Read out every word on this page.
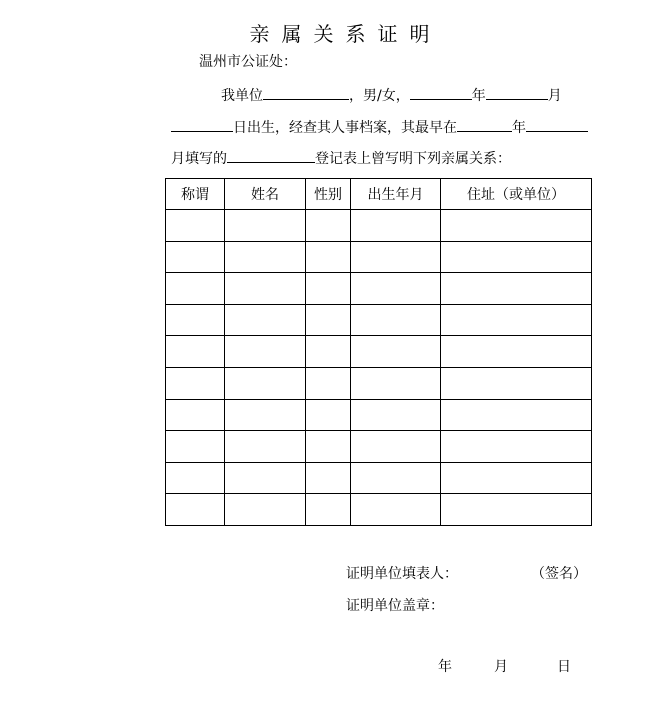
亲属关系证明
温州市公证处：
我单位	，男/女，	年	月
日出生，经查其人事档案，其最早在	年
月填写的	登记表上曾写明下列亲属关系：
称谓	姓名	性别	出生年月	住址（或单位）

证明单位填表人：	（签名）
证明单位盖章：
年	月	日
